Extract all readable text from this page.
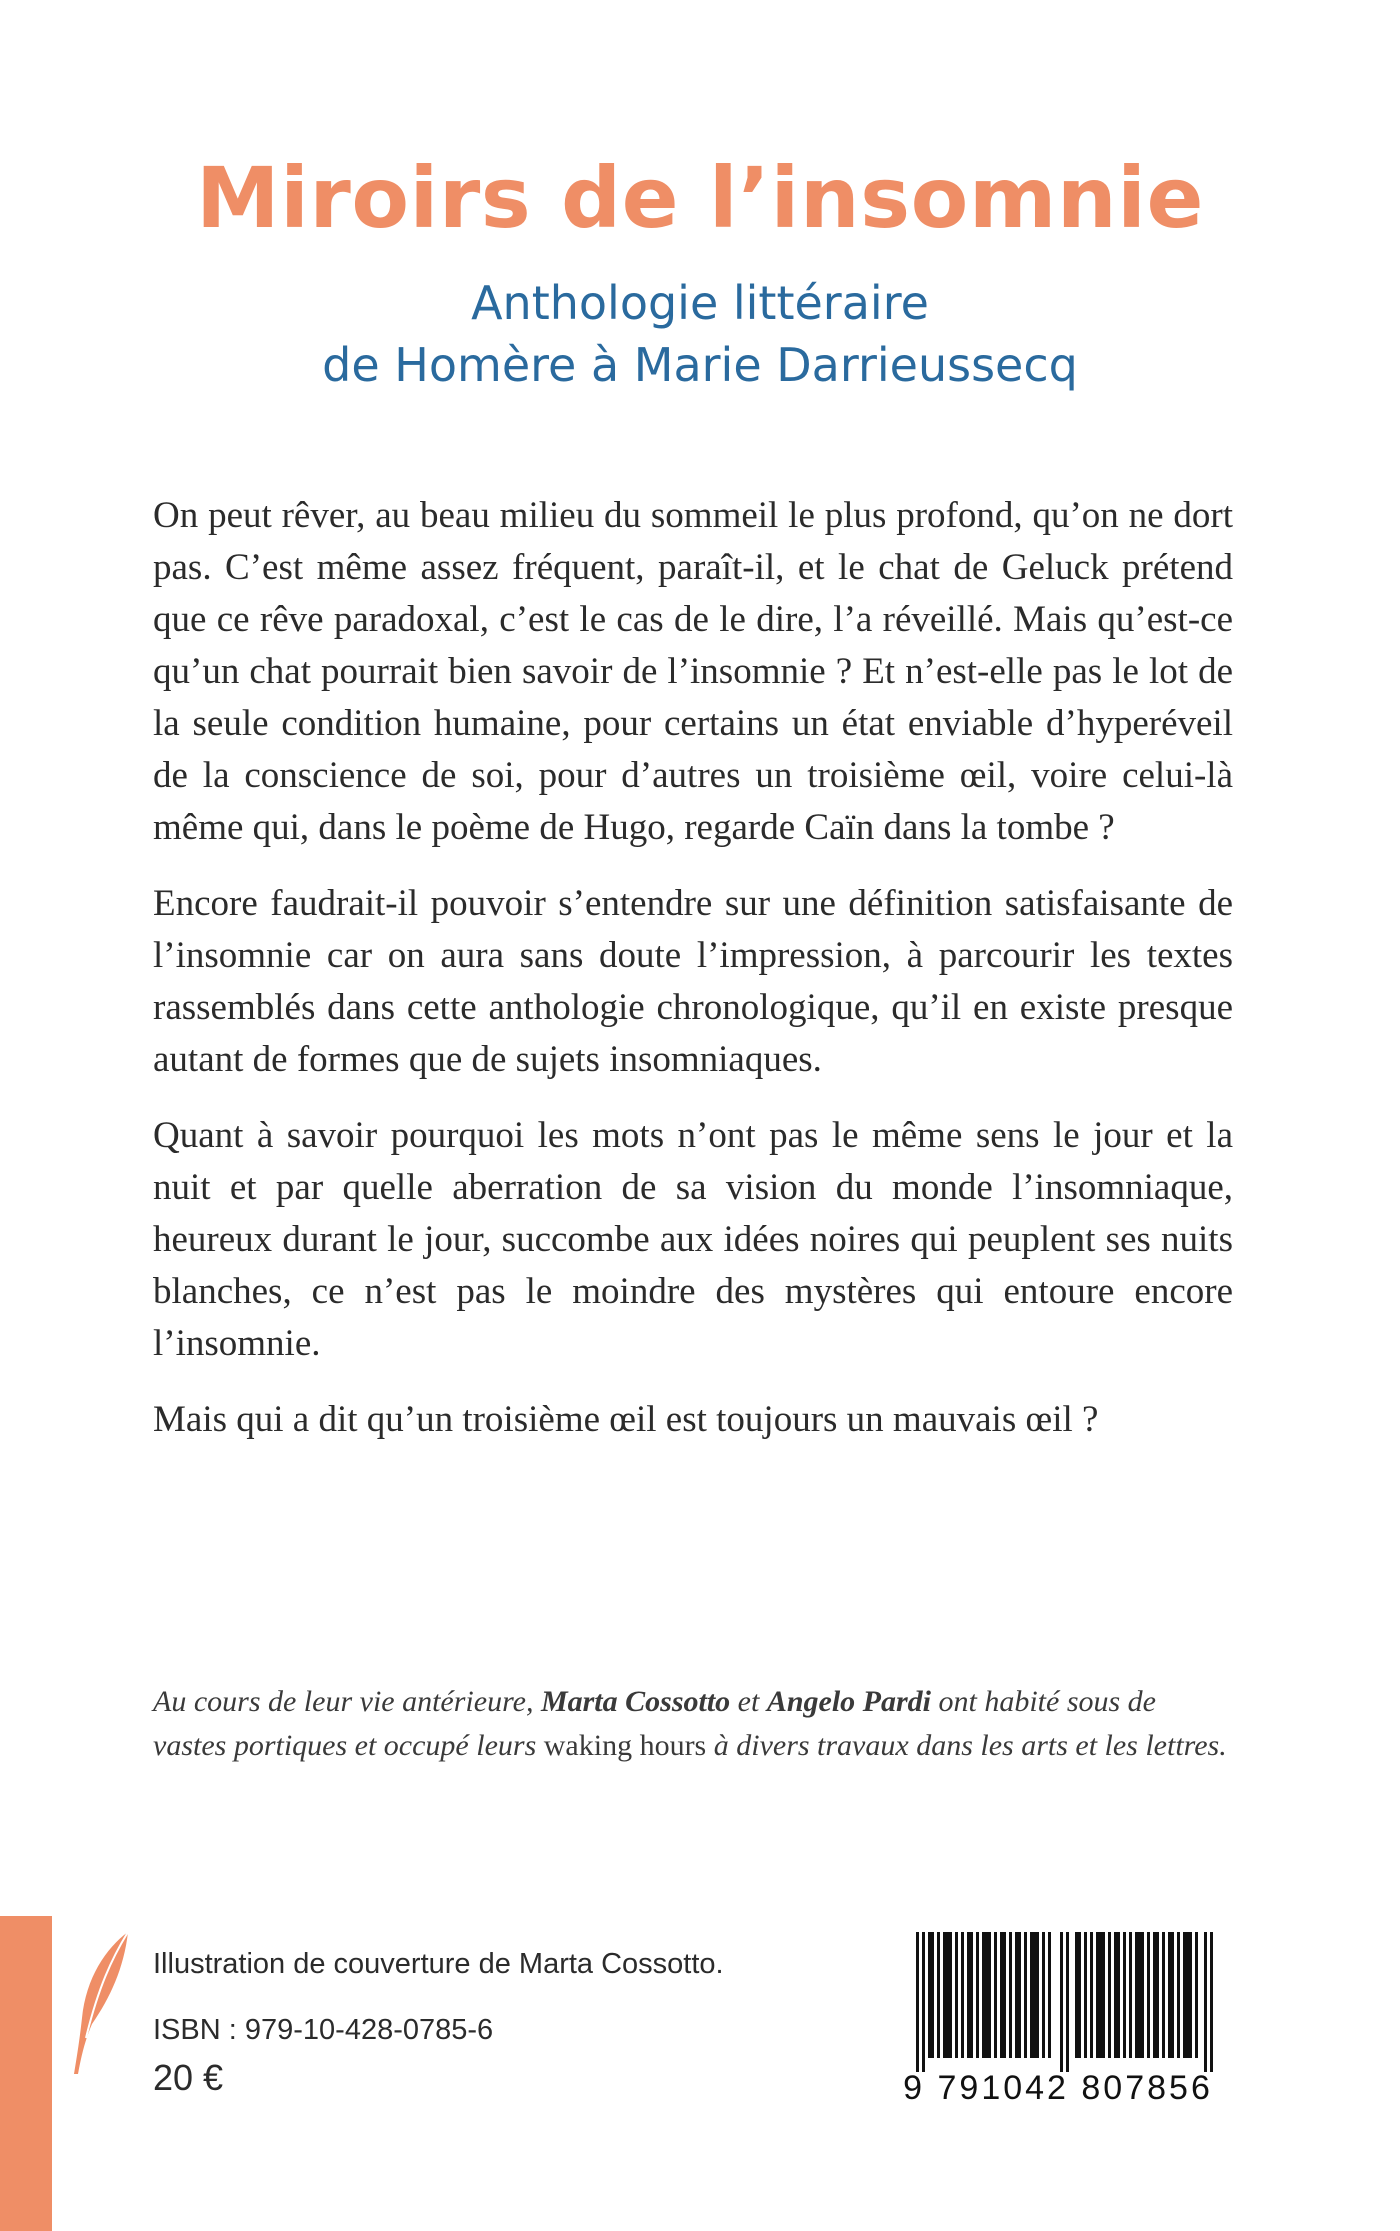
Miroirs de l’insomnie
Anthologie littéraire
de Homère à Marie Darrieussecq

On peut rêver, au beau milieu du sommeil le plus profond, qu’on ne dort pas. C’est même assez fréquent, paraît-il, et le chat de Geluck prétend que ce rêve paradoxal, c’est le cas de le dire, l’a réveillé. Mais qu’est-ce qu’un chat pourrait bien savoir de l’insomnie ? Et n’est-elle pas le lot de la seule condition humaine, pour certains un état enviable d’hyperéveil de la conscience de soi, pour d’autres un troisième œil, voire celui-là même qui, dans le poème de Hugo, regarde Caïn dans la tombe ?

Encore faudrait-il pouvoir s’entendre sur une définition satisfaisante de l’insomnie car on aura sans doute l’impression, à parcourir les textes rassemblés dans cette anthologie chronologique, qu’il en existe presque autant de formes que de sujets insomniaques.

Quant à savoir pourquoi les mots n’ont pas le même sens le jour et la nuit et par quelle aberration de sa vision du monde l’insomniaque, heureux durant le jour, succombe aux idées noires qui peuplent ses nuits blanches, ce n’est pas le moindre des mystères qui entoure encore l’insomnie.

Mais qui a dit qu’un troisième œil est toujours un mauvais œil ?

Au cours de leur vie antérieure, Marta Cossotto et Angelo Pardi ont habité sous de vastes portiques et occupé leurs waking hours à divers travaux dans les arts et les lettres.

Illustration de couverture de Marta Cossotto.

ISBN : 979-10-428-0785-6
20 €	9 791042 807856
